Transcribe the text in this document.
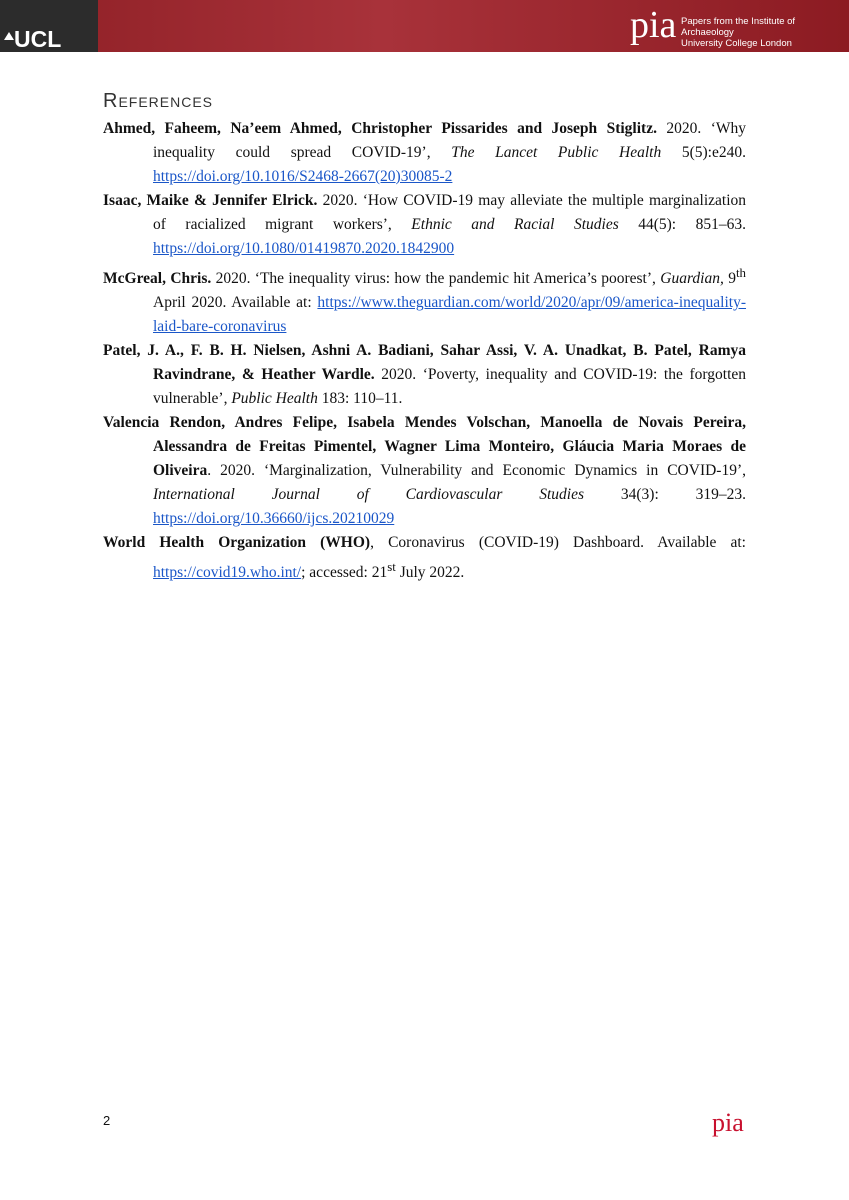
UCL	pia Papers from the Institute of Archaeology
University College London
References

Ahmed, Faheem, Na’eem Ahmed, Christopher Pissarides and Joseph Stiglitz. 2020. ‘Why inequality could spread COVID-19’, The Lancet Public Health 5(5):e240. https://doi.org/10.1016/S2468-2667(20)30085-2

Isaac, Maike & Jennifer Elrick. 2020. ‘How COVID-19 may alleviate the multiple marginalization of racialized migrant workers’, Ethnic and Racial Studies 44(5): 851–63. https://doi.org/10.1080/01419870.2020.1842900

McGreal, Chris. 2020. ‘The inequality virus: how the pandemic hit America’s poorest’, Guardian, 9th April 2020. Available at: https://www.theguardian.com/world/2020/apr/09/america-inequality-laid-bare-coronavirus

Patel, J. A., F. B. H. Nielsen, Ashni A. Badiani, Sahar Assi, V. A. Unadkat, B. Patel, Ramya Ravindrane, & Heather Wardle. 2020. ‘Poverty, inequality and COVID-19: the forgotten vulnerable’, Public Health 183: 110–11.

Valencia Rendon, Andres Felipe, Isabela Mendes Volschan, Manoella de Novais Pereira, Alessandra de Freitas Pimentel, Wagner Lima Monteiro, Gláucia Maria Moraes de Oliveira. 2020. ‘Marginalization, Vulnerability and Economic Dynamics in COVID-19’, International Journal of Cardiovascular Studies 34(3): 319–23. https://doi.org/10.36660/ijcs.20210029

World Health Organization (WHO), Coronavirus (COVID-19) Dashboard. Available at: https://covid19.who.int/; accessed: 21st July 2022.

2	pia
